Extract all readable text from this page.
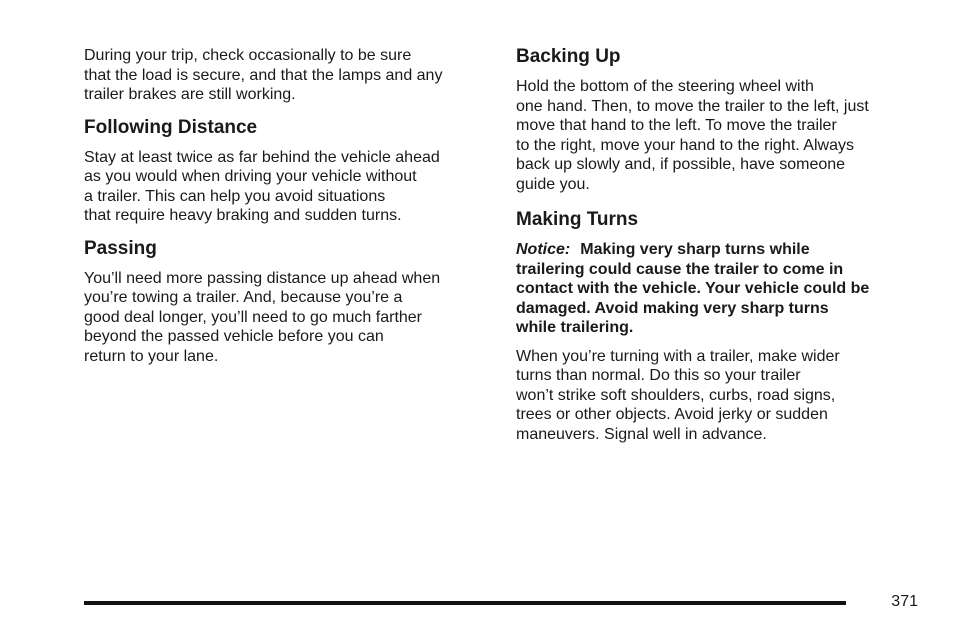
During your trip, check occasionally to be sure
that the load is secure, and that the lamps and any
trailer brakes are still working.

Following Distance

Stay at least twice as far behind the vehicle ahead
as you would when driving your vehicle without
a trailer. This can help you avoid situations
that require heavy braking and sudden turns.

Passing

You’ll need more passing distance up ahead when
you’re towing a trailer. And, because you’re a
good deal longer, you’ll need to go much farther
beyond the passed vehicle before you can
return to your lane.

Backing Up

Hold the bottom of the steering wheel with
one hand. Then, to move the trailer to the left, just
move that hand to the left. To move the trailer
to the right, move your hand to the right. Always
back up slowly and, if possible, have someone
guide you.

Making Turns

Notice: Making very sharp turns while
trailering could cause the trailer to come in
contact with the vehicle. Your vehicle could be
damaged. Avoid making very sharp turns
while trailering.

When you’re turning with a trailer, make wider
turns than normal. Do this so your trailer
won’t strike soft shoulders, curbs, road signs,
trees or other objects. Avoid jerky or sudden
maneuvers. Signal well in advance.

371
